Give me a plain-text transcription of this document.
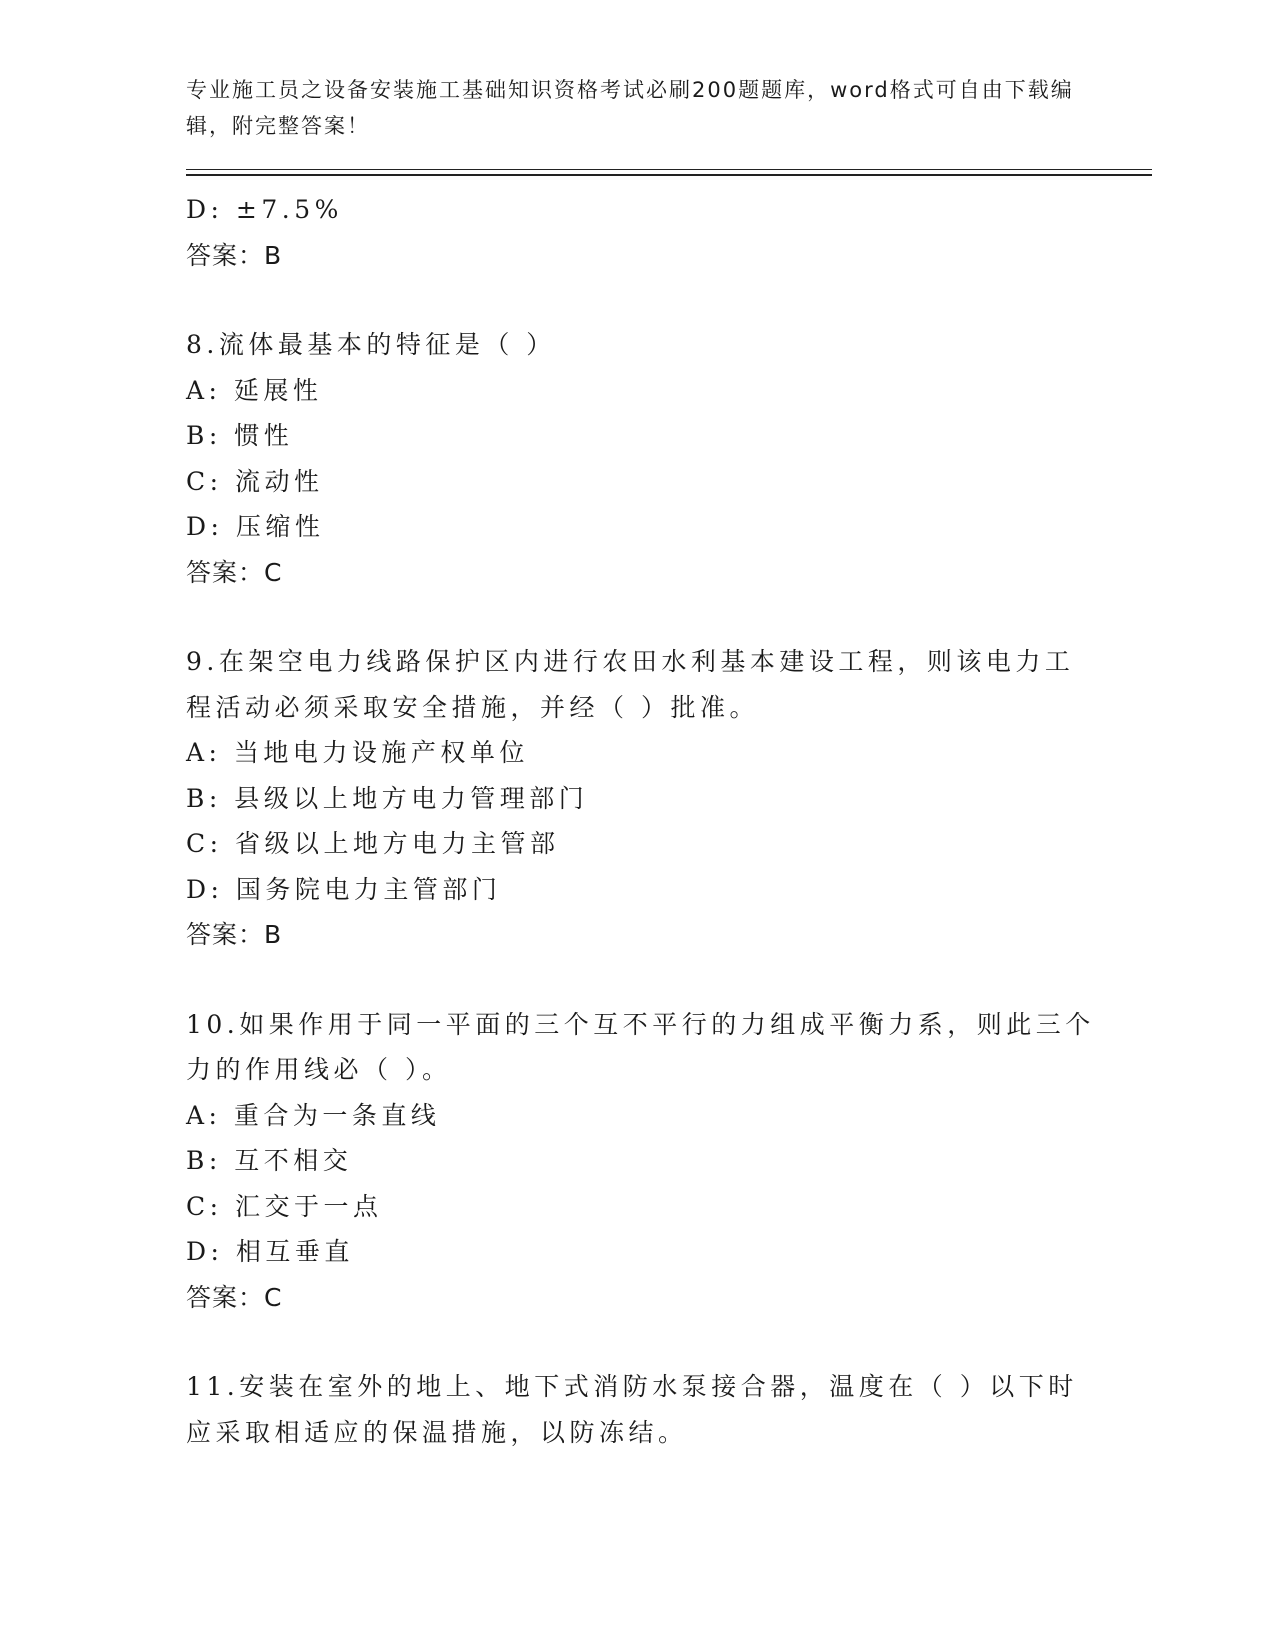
专业施工员之设备安装施工基础知识资格考试必刷200题题库，word格式可自由下载编辑，附完整答案！
D: ±7.5%
答案：B
8.流体最基本的特征是（ ）
A: 延展性
B: 惯性
C: 流动性
D: 压缩性
答案：C
9.在架空电力线路保护区内进行农田水利基本建设工程，则该电力工
程活动必须采取安全措施，并经（ ）批准。
A: 当地电力设施产权单位
B: 县级以上地方电力管理部门
C: 省级以上地方电力主管部
D: 国务院电力主管部门
答案：B
10.如果作用于同一平面的三个互不平行的力组成平衡力系，则此三个
力的作用线必（ ）。
A: 重合为一条直线
B: 互不相交
C: 汇交于一点
D: 相互垂直
答案：C
11.安装在室外的地上、地下式消防水泵接合器，温度在（ ）以下时
应采取相适应的保温措施，以防冻结。
